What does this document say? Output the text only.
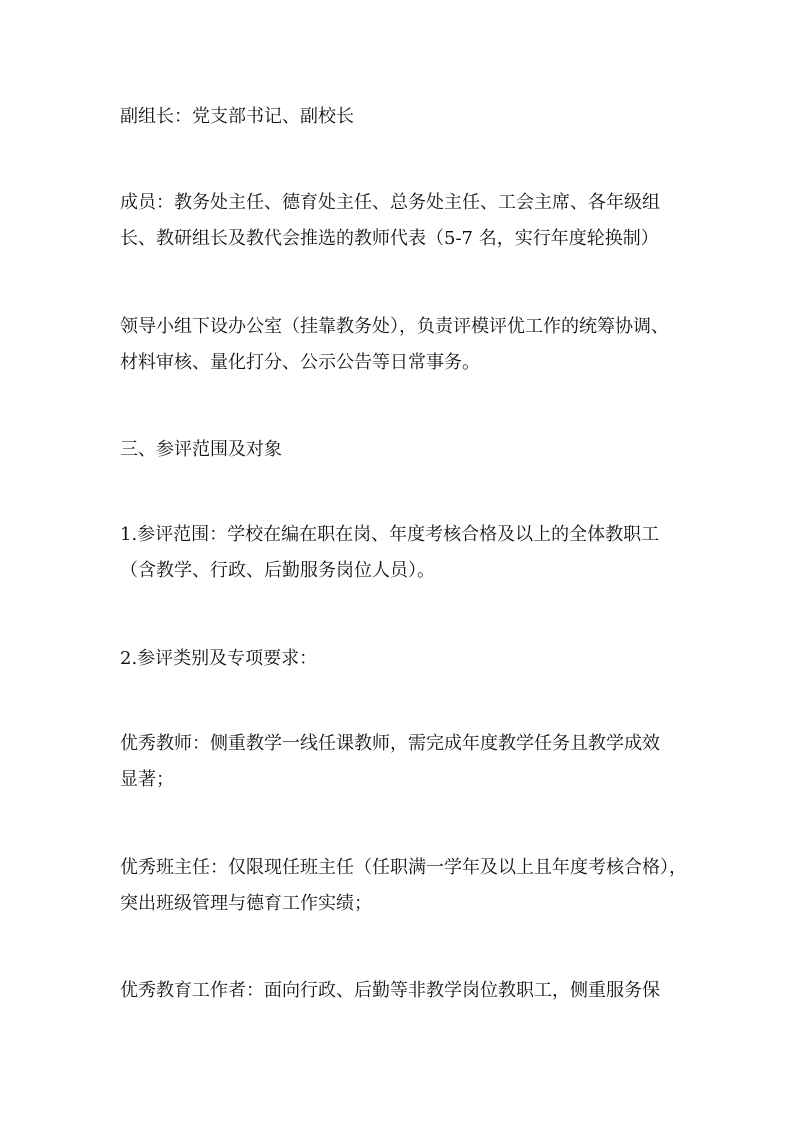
副组长：党支部书记、副校长

成员：教务处主任、德育处主任、总务处主任、工会主席、各年级组
长、教研组长及教代会推选的教师代表（5-7 名，实行年度轮换制）

领导小组下设办公室（挂靠教务处），负责评模评优工作的统筹协调、
材料审核、量化打分、公示公告等日常事务。

三、参评范围及对象

1.参评范围：学校在编在职在岗、年度考核合格及以上的全体教职工
（含教学、行政、后勤服务岗位人员）。

2.参评类别及专项要求：

优秀教师：侧重教学一线任课教师，需完成年度教学任务且教学成效
显著；

优秀班主任：仅限现任班主任（任职满一学年及以上且年度考核合格），
突出班级管理与德育工作实绩；

优秀教育工作者：面向行政、后勤等非教学岗位教职工，侧重服务保
